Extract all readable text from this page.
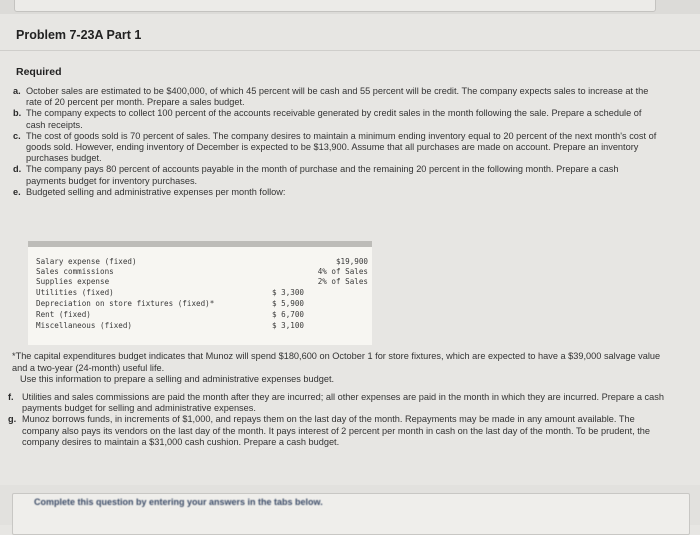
Problem 7-23A Part 1
Required
a. October sales are estimated to be $400,000, of which 45 percent will be cash and 55 percent will be credit. The company expects sales to increase at the rate of 20 percent per month. Prepare a sales budget.
b. The company expects to collect 100 percent of the accounts receivable generated by credit sales in the month following the sale. Prepare a schedule of cash receipts.
c. The cost of goods sold is 70 percent of sales. The company desires to maintain a minimum ending inventory equal to 20 percent of the next month's cost of goods sold. However, ending inventory of December is expected to be $13,900. Assume that all purchases are made on account. Prepare an inventory purchases budget.
d. The company pays 80 percent of accounts payable in the month of purchase and the remaining 20 percent in the following month. Prepare a cash payments budget for inventory purchases.
e. Budgeted selling and administrative expenses per month follow:
Salary expense (fixed)	$19,900
Sales commissions	4% of Sales
Supplies expense	2% of Sales
Utilities (fixed)	$ 3,300
Depreciation on store fixtures (fixed)*	$ 5,900
Rent (fixed)	$ 6,700
Miscellaneous (fixed)	$ 3,100

*The capital expenditures budget indicates that Munoz will spend $180,600 on October 1 for store fixtures, which are expected to have a $39,000 salvage value and a two-year (24-month) useful life.

Use this information to prepare a selling and administrative expenses budget.

f. Utilities and sales commissions are paid the month after they are incurred; all other expenses are paid in the month in which they are incurred. Prepare a cash payments budget for selling and administrative expenses.
g. Munoz borrows funds, in increments of $1,000, and repays them on the last day of the month. Repayments may be made in any amount available. The company also pays its vendors on the last day of the month. It pays interest of 2 percent per month in cash on the last day of the month. To be prudent, the company desires to maintain a $31,000 cash cushion. Prepare a cash budget.
Complete this question by entering your answers in the tabs below.
